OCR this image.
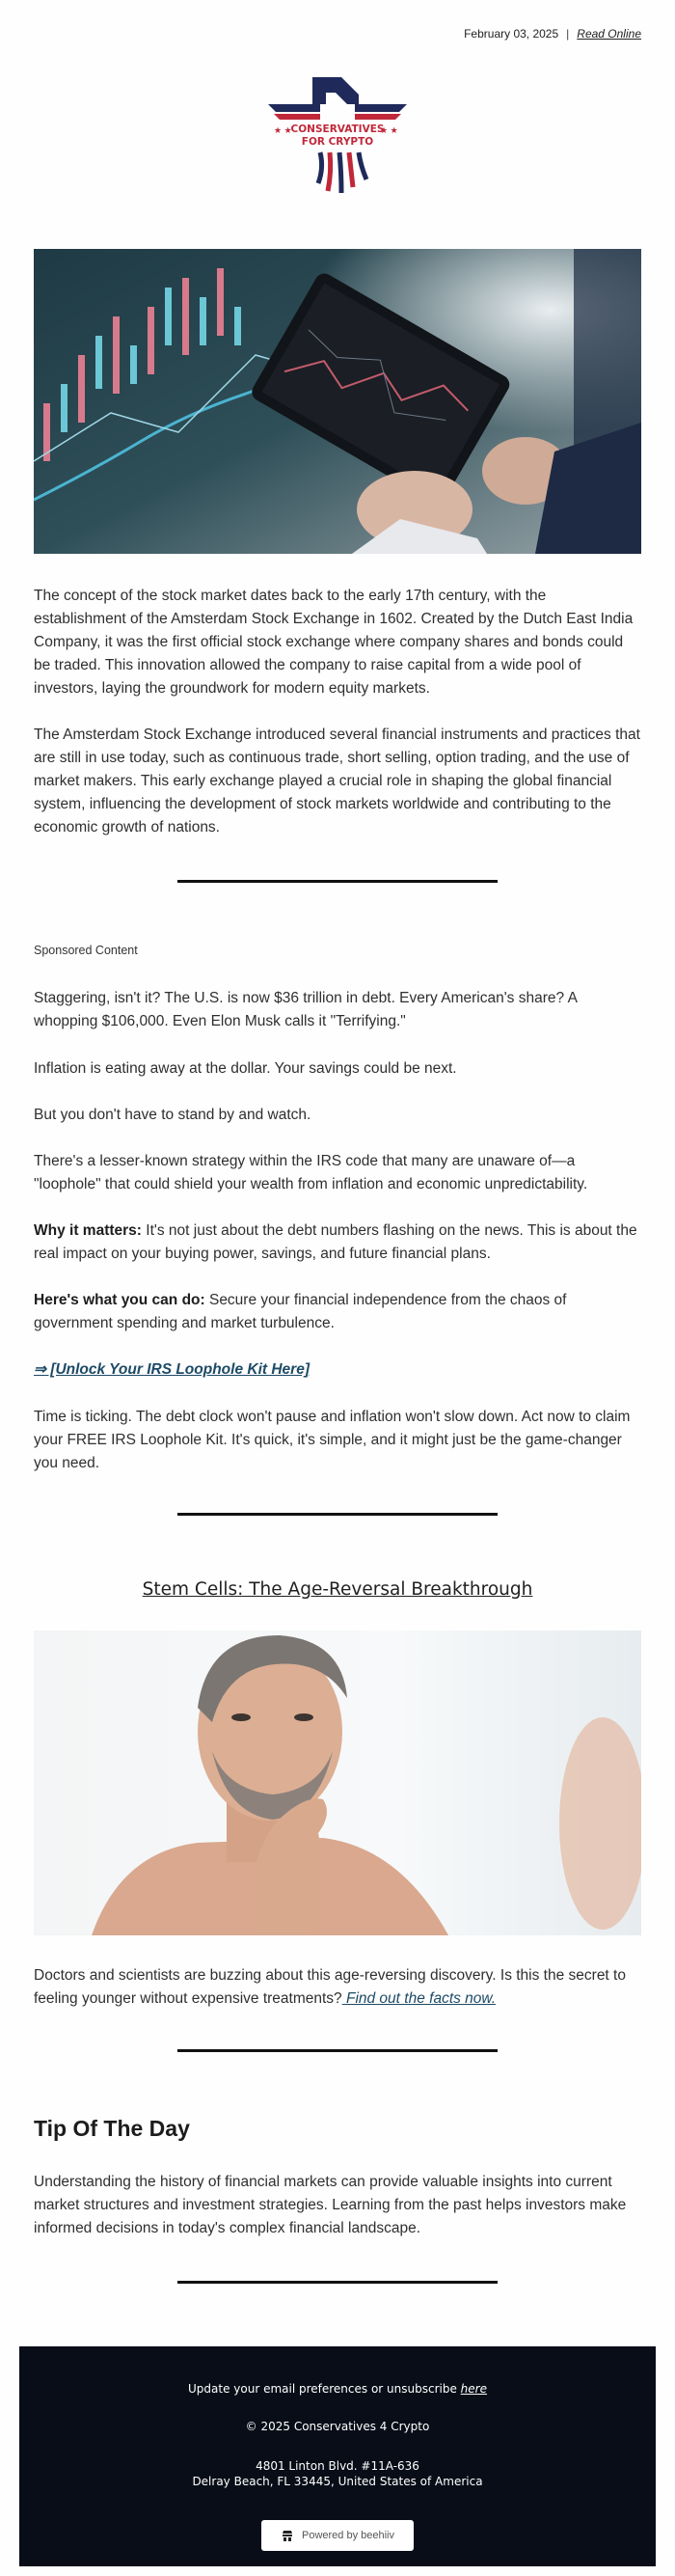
February 03, 2025 | Read Online
CONSERVATIVES
FOR CRYPTO
★ ★	★ ★

The concept of the stock market dates back to the early 17th century, with the establishment of the Amsterdam Stock Exchange in 1602. Created by the Dutch East India Company, it was the first official stock exchange where company shares and bonds could be traded. This innovation allowed the company to raise capital from a wide pool of investors, laying the groundwork for modern equity markets.

The Amsterdam Stock Exchange introduced several financial instruments and practices that are still in use today, such as continuous trade, short selling, option trading, and the use of market makers. This early exchange played a crucial role in shaping the global financial system, influencing the development of stock markets worldwide and contributing to the economic growth of nations.

Sponsored Content

Staggering, isn't it? The U.S. is now $36 trillion in debt. Every American's share? A whopping $106,000. Even Elon Musk calls it "Terrifying."

Inflation is eating away at the dollar. Your savings could be next.

But you don't have to stand by and watch.

There's a lesser-known strategy within the IRS code that many are unaware of—a "loophole" that could shield your wealth from inflation and economic unpredictability.

Why it matters: It's not just about the debt numbers flashing on the news. This is about the real impact on your buying power, savings, and future financial plans.

Here's what you can do: Secure your financial independence from the chaos of government spending and market turbulence.

⇒ [Unlock Your IRS Loophole Kit Here]

Time is ticking. The debt clock won't pause and inflation won't slow down. Act now to claim your FREE IRS Loophole Kit. It's quick, it's simple, and it might just be the game-changer you need.

Stem Cells: The Age-Reversal Breakthrough

Doctors and scientists are buzzing about this age-reversing discovery. Is this the secret to feeling younger without expensive treatments? Find out the facts now.

Tip Of The Day

Understanding the history of financial markets can provide valuable insights into current market structures and investment strategies. Learning from the past helps investors make informed decisions in today's complex financial landscape.

Update your email preferences or unsubscribe here
© 2025 Conservatives 4 Crypto
4801 Linton Blvd. #11A-636
Delray Beach, FL 33445, United States of America
Powered by beehiiv
